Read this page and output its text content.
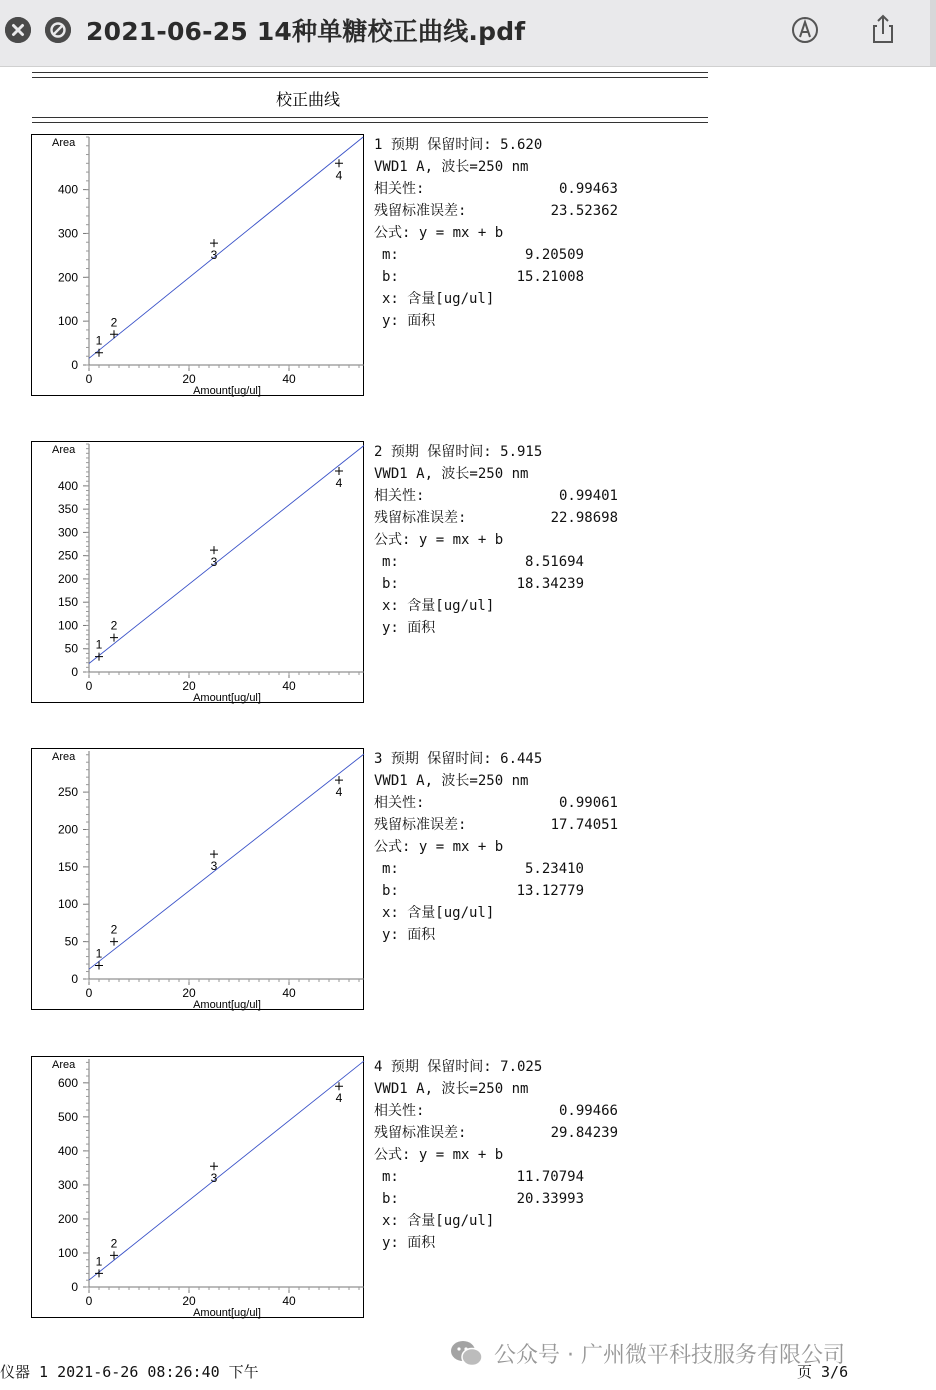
2021-06-25 14种单糖校正曲线.pdf
校正曲线
0
100
200
300
400
0	20	40
Area
Amount[ug/ul]
1
2
3
4
1 预期 保留时间: 5.620
VWD1 A, 波长=250 nm
相关性:	0.99463
残留标准误差:	23.52362
公式: y = mx + b
m:	9.20509
b:	15.21008
x: 含量[ug/ul]
y: 面积
0
50
100
150
200
250
300
350
400
0	20	40
Area
Amount[ug/ul]
1
2
3
4
2 预期 保留时间: 5.915
VWD1 A, 波长=250 nm
相关性:	0.99401
残留标准误差:	22.98698
公式: y = mx + b
m:	8.51694
b:	18.34239
x: 含量[ug/ul]
y: 面积
0
50
100
150
200
250
0	20	40
Area
Amount[ug/ul]
1
2
3
4
3 预期 保留时间: 6.445
VWD1 A, 波长=250 nm
相关性:	0.99061
残留标准误差:	17.74051
公式: y = mx + b
m:	5.23410
b:	13.12779
x: 含量[ug/ul]
y: 面积
0
100
200
300
400
500
600
0	20	40
Area
Amount[ug/ul]
1
2
3
4
4 预期 保留时间: 7.025
VWD1 A, 波长=250 nm
相关性:	0.99466
残留标准误差:	29.84239
公式: y = mx + b
m:	11.70794
b:	20.33993
x: 含量[ug/ul]
y: 面积
公众号 · 广州微平科技服务有限公司
仪器 1 2021-6-26 08:26:40 下午	页 3/6
